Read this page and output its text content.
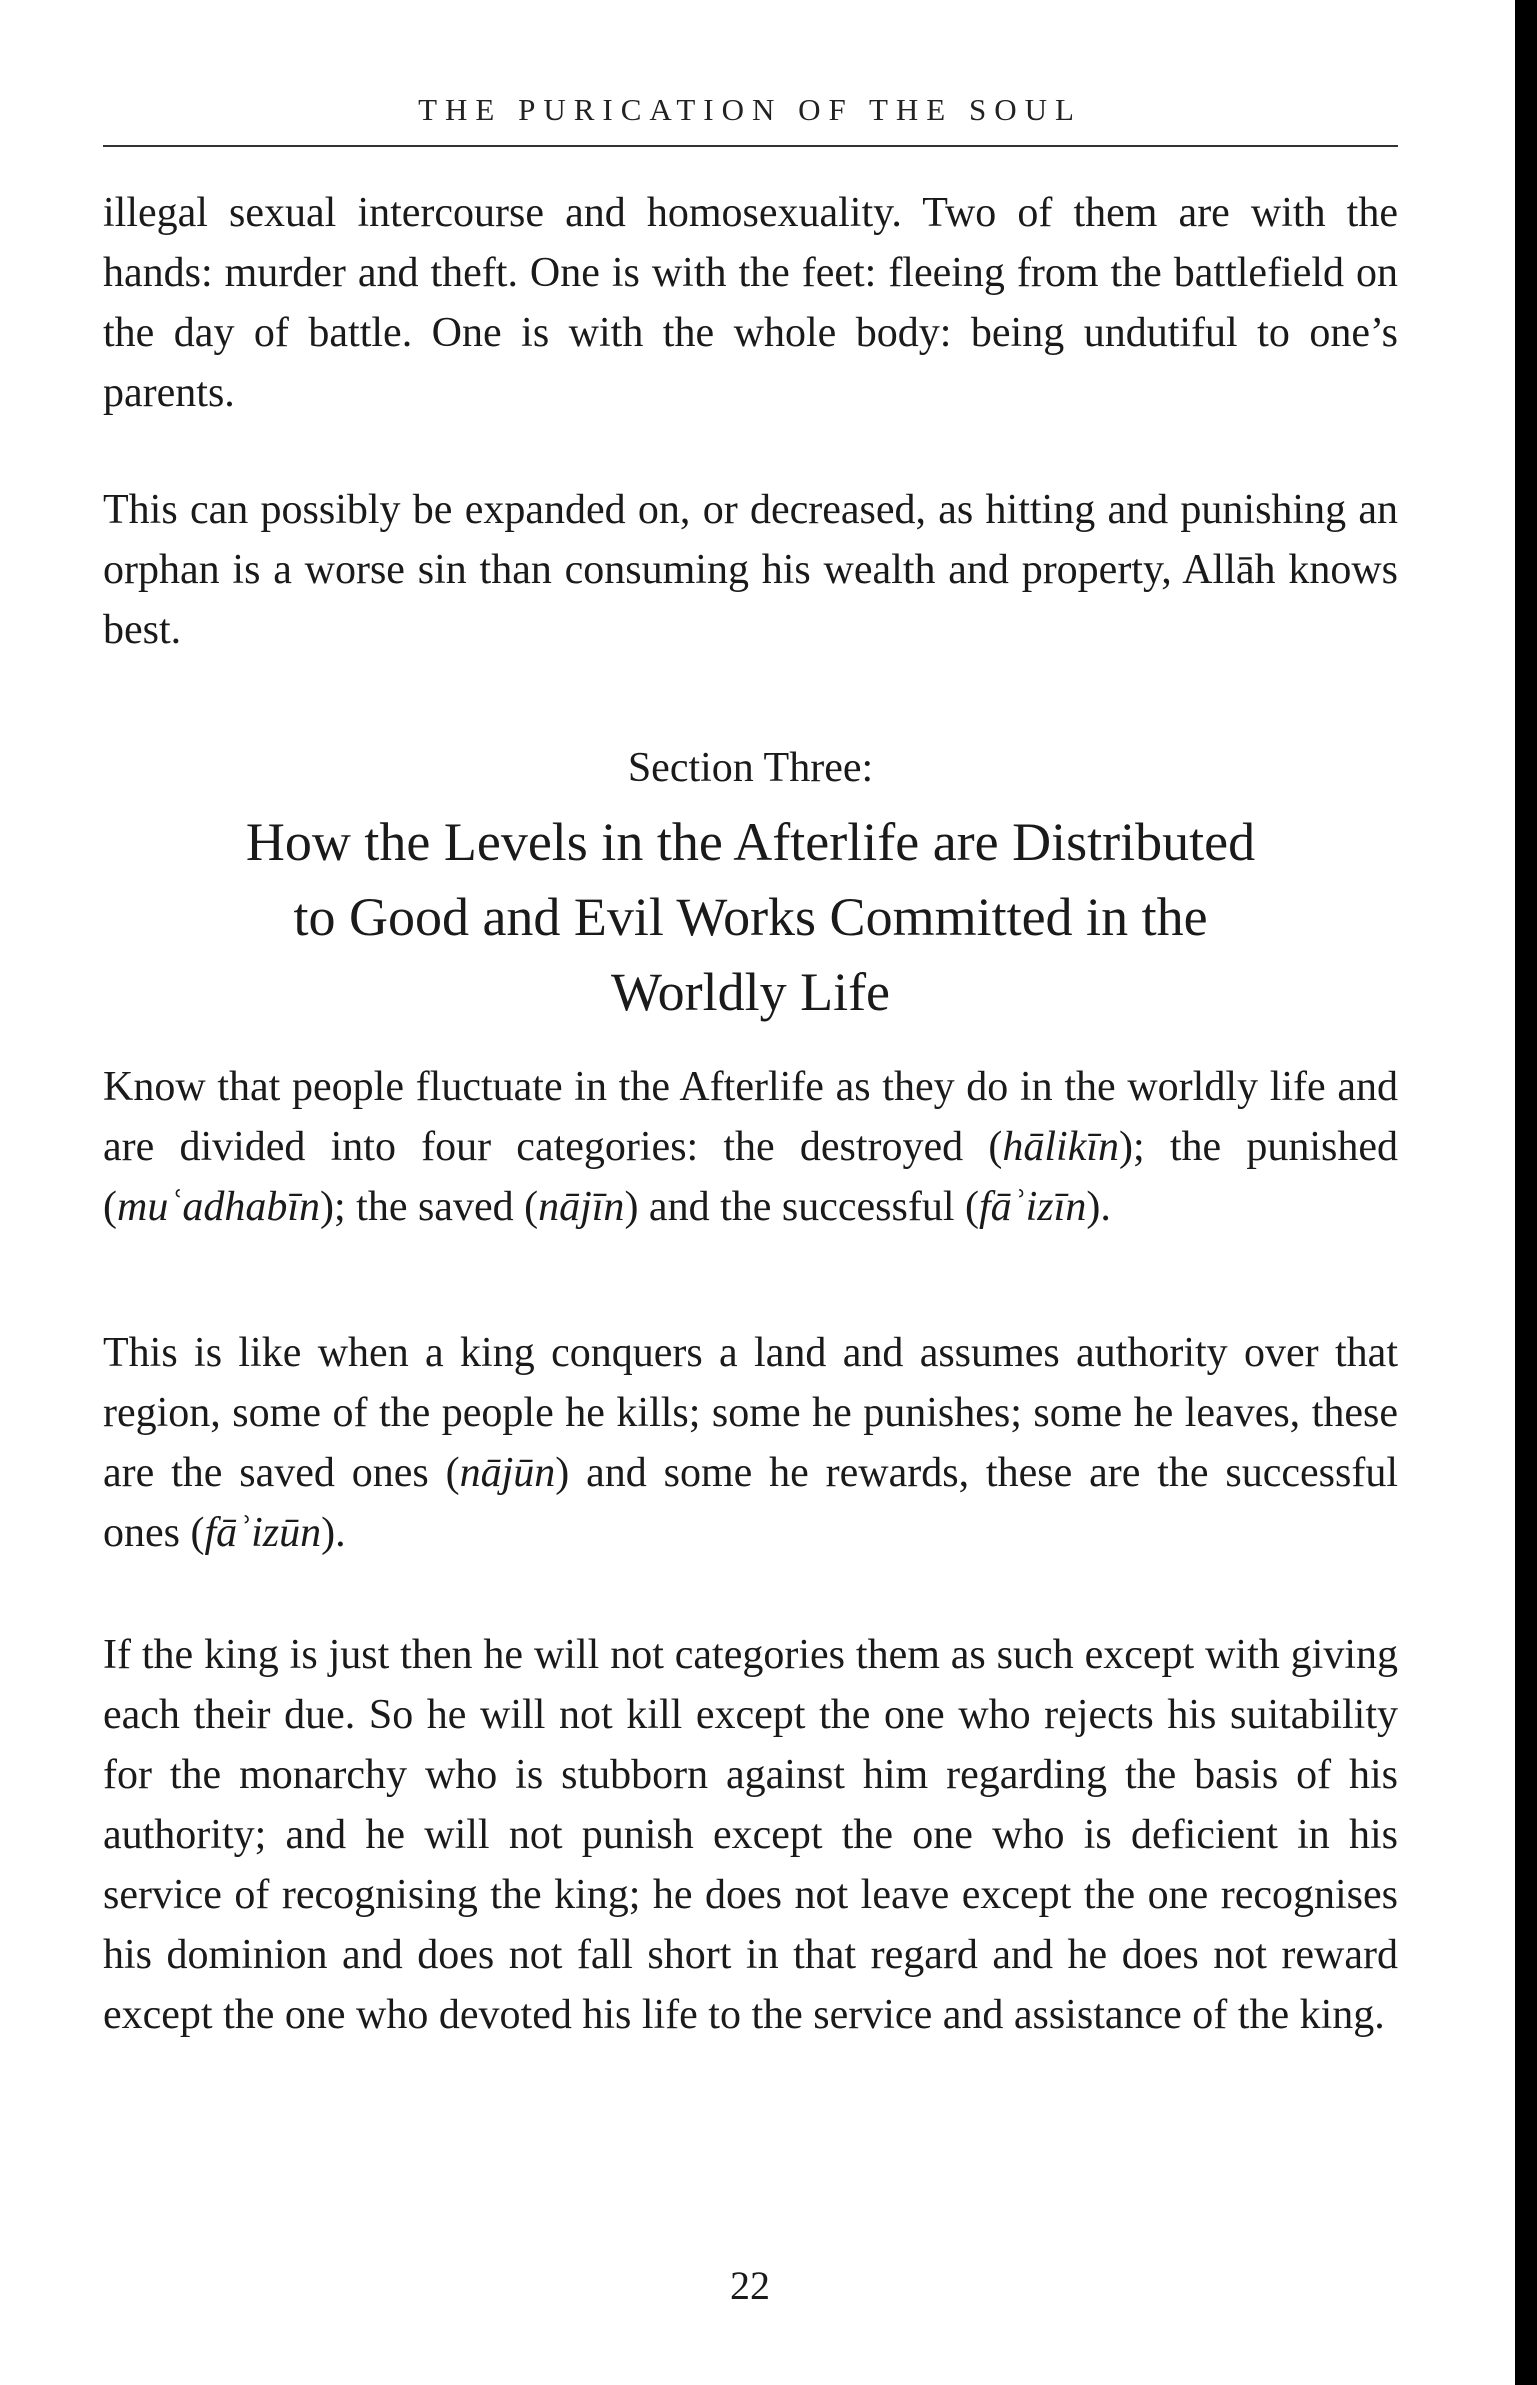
THE PURICATION OF THE SOUL

illegal sexual intercourse and homosexuality. Two of them are with the hands: murder and theft. One is with the feet: fleeing from the battlefield on the day of battle. One is with the whole body: being undutiful to one’s parents.

This can possibly be expanded on, or decreased, as hitting and punishing an orphan is a worse sin than consuming his wealth and property, Allāh knows best.

Section Three:
How the Levels in the Afterlife are Distributed
to Good and Evil Works Committed in the
Worldly Life

Know that people fluctuate in the Afterlife as they do in the worldly life and are divided into four categories: the destroyed (hālikīn); the punished (muʿadhabīn); the saved (nājīn) and the successful (fāʾizīn).

This is like when a king conquers a land and assumes authority over that region, some of the people he kills; some he punishes; some he leaves, these are the saved ones (nājūn) and some he rewards, these are the successful ones (fāʾizūn).

If the king is just then he will not categories them as such except with giving each their due. So he will not kill except the one who rejects his suitability for the monarchy who is stubborn against him regarding the basis of his authority; and he will not punish except the one who is deficient in his service of recognising the king; he does not leave except the one recognises his dominion and does not fall short in that regard and he does not reward except the one who devoted his life to the service and assistance of the king.

22
